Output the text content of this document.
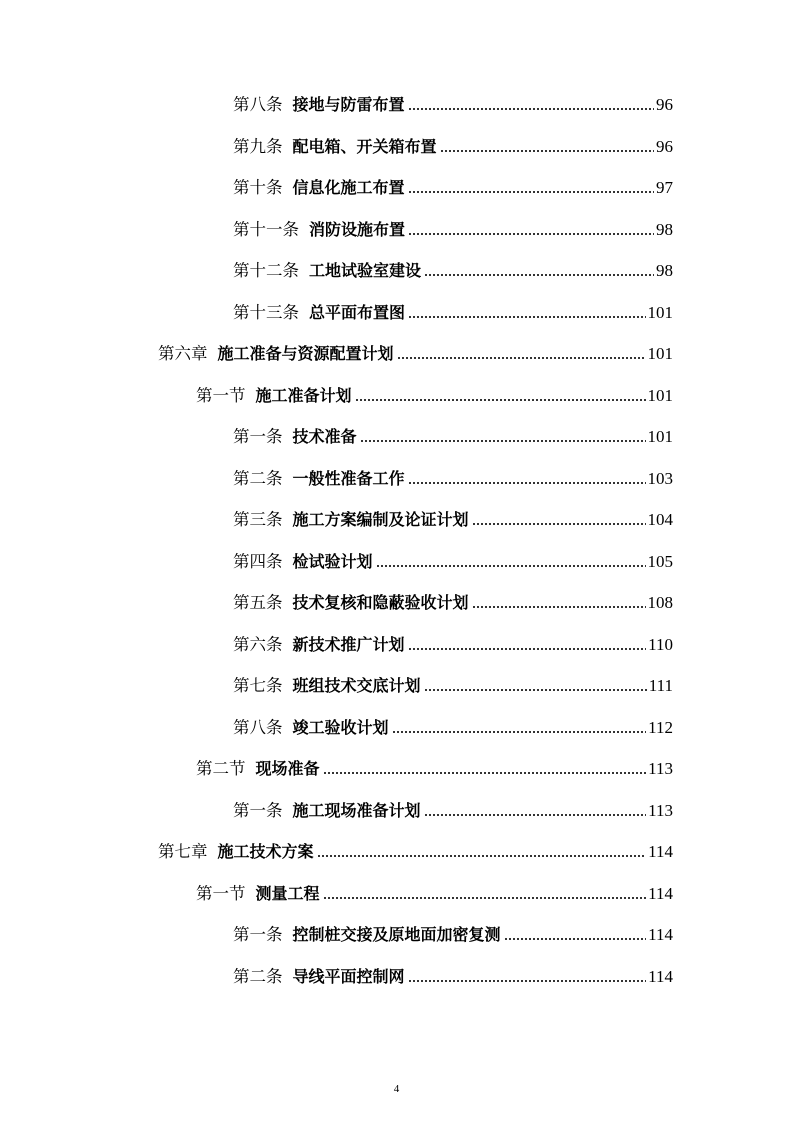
第八条 接地与防雷布置	96
第九条 配电箱、开关箱布置	96
第十条 信息化施工布置	97
第十一条 消防设施布置	98
第十二条 工地试验室建设	98
第十三条 总平面布置图	101
第六章 施工准备与资源配置计划	101
第一节 施工准备计划	101
第一条 技术准备	101
第二条 一般性准备工作	103
第三条 施工方案编制及论证计划	104
第四条 检试验计划	105
第五条 技术复核和隐蔽验收计划	108
第六条 新技术推广计划	110
第七条 班组技术交底计划	111
第八条 竣工验收计划	112
第二节 现场准备	113
第一条 施工现场准备计划	113
第七章 施工技术方案	114
第一节 测量工程	114
第一条 控制桩交接及原地面加密复测	114
第二条 导线平面控制网	114
4
